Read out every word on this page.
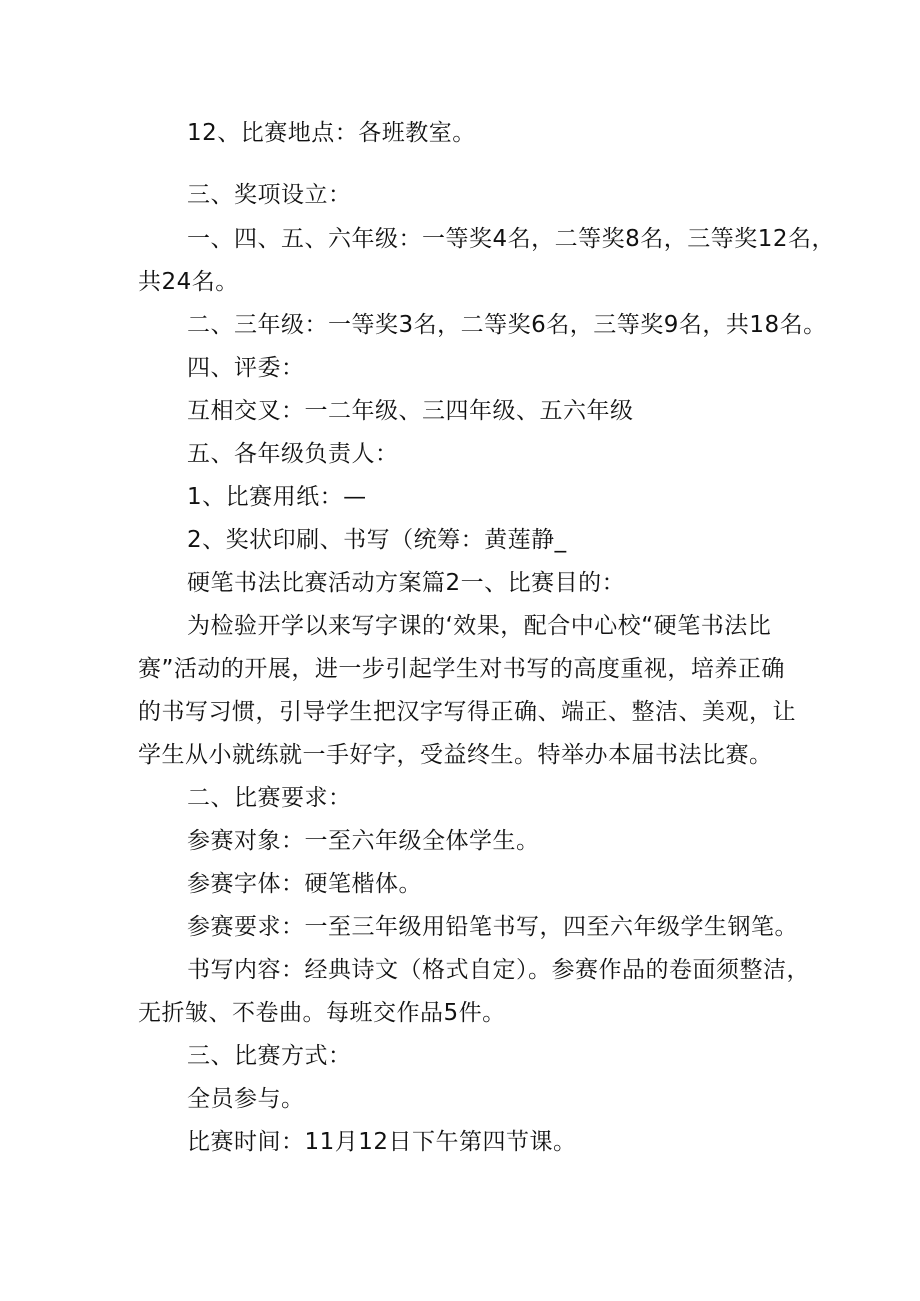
12、比赛地点：各班教室。
三、奖项设立：
一、四、五、六年级：一等奖4名，二等奖8名，三等奖12名，
共24名。
二、三年级：一等奖3名，二等奖6名，三等奖9名，共18名。
四、评委：
互相交叉：一二年级、三四年级、五六年级
五、各年级负责人：
1、比赛用纸：—
2、奖状印刷、书写（统筹：黄莲静_
硬笔书法比赛活动方案篇2一、比赛目的：
为检验开学以来写字课的‘效果，配合中心校“硬笔书法比
赛”活动的开展，进一步引起学生对书写的高度重视，培养正确
的书写习惯，引导学生把汉字写得正确、端正、整洁、美观，让
学生从小就练就一手好字，受益终生。特举办本届书法比赛。
二、比赛要求：
参赛对象：一至六年级全体学生。
参赛字体：硬笔楷体。
参赛要求：一至三年级用铅笔书写，四至六年级学生钢笔。
书写内容：经典诗文（格式自定）。参赛作品的卷面须整洁，
无折皱、不卷曲。每班交作品5件。
三、比赛方式：
全员参与。
比赛时间：11月12日下午第四节课。
